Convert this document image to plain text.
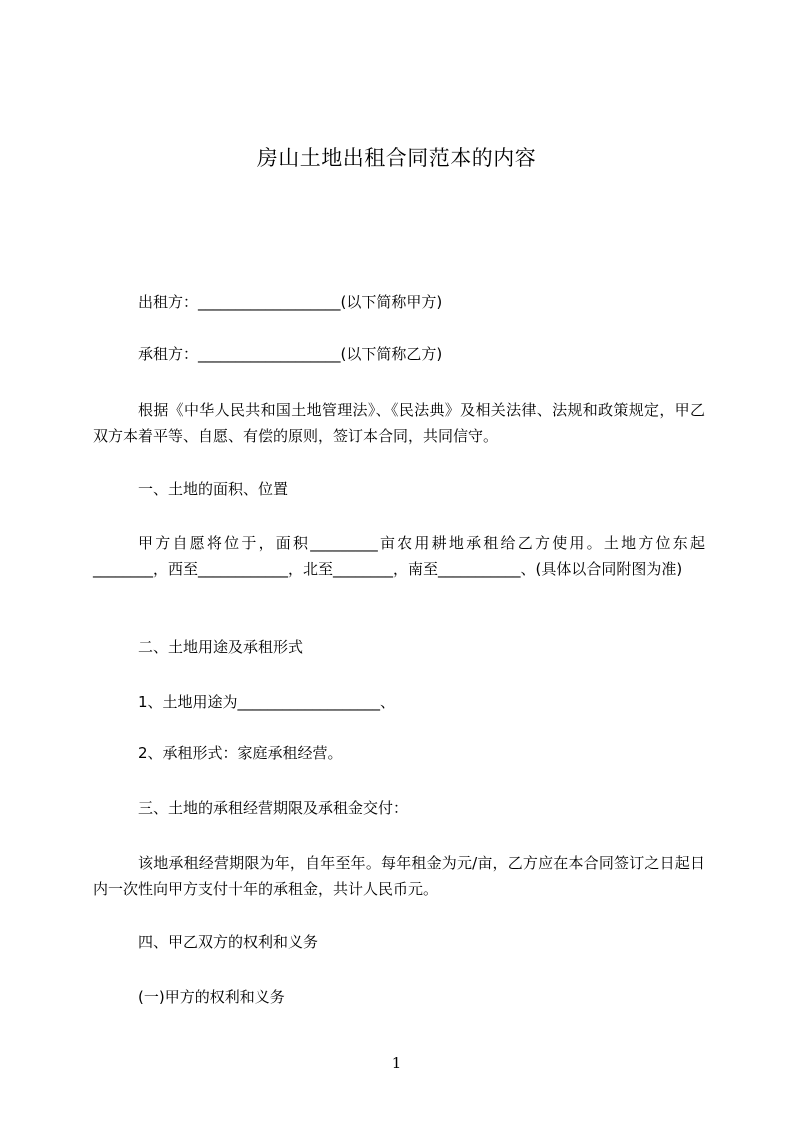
房山土地出租合同范本的内容

出租方：___________________(以下简称甲方)

承租方：___________________(以下简称乙方)

根据《中华人民共和国土地管理法》、《民法典》及相关法律、法规和政策规定，甲乙双方本着平等、自愿、有偿的原则，签订本合同，共同信守。

一、土地的面积、位置

甲方自愿将位于，面积_________亩农用耕地承租给乙方使用。土地方位东起________，西至____________，北至________，南至___________、(具体以合同附图为准)

二、土地用途及承租形式

1、土地用途为___________________、

2、承租形式：家庭承租经营。

三、土地的承租经营期限及承租金交付：

该地承租经营期限为年，自年至年。每年租金为元/亩，乙方应在本合同签订之日起日内一次性向甲方支付十年的承租金，共计人民币元。

四、甲乙双方的权利和义务

(一)甲方的权利和义务

1
